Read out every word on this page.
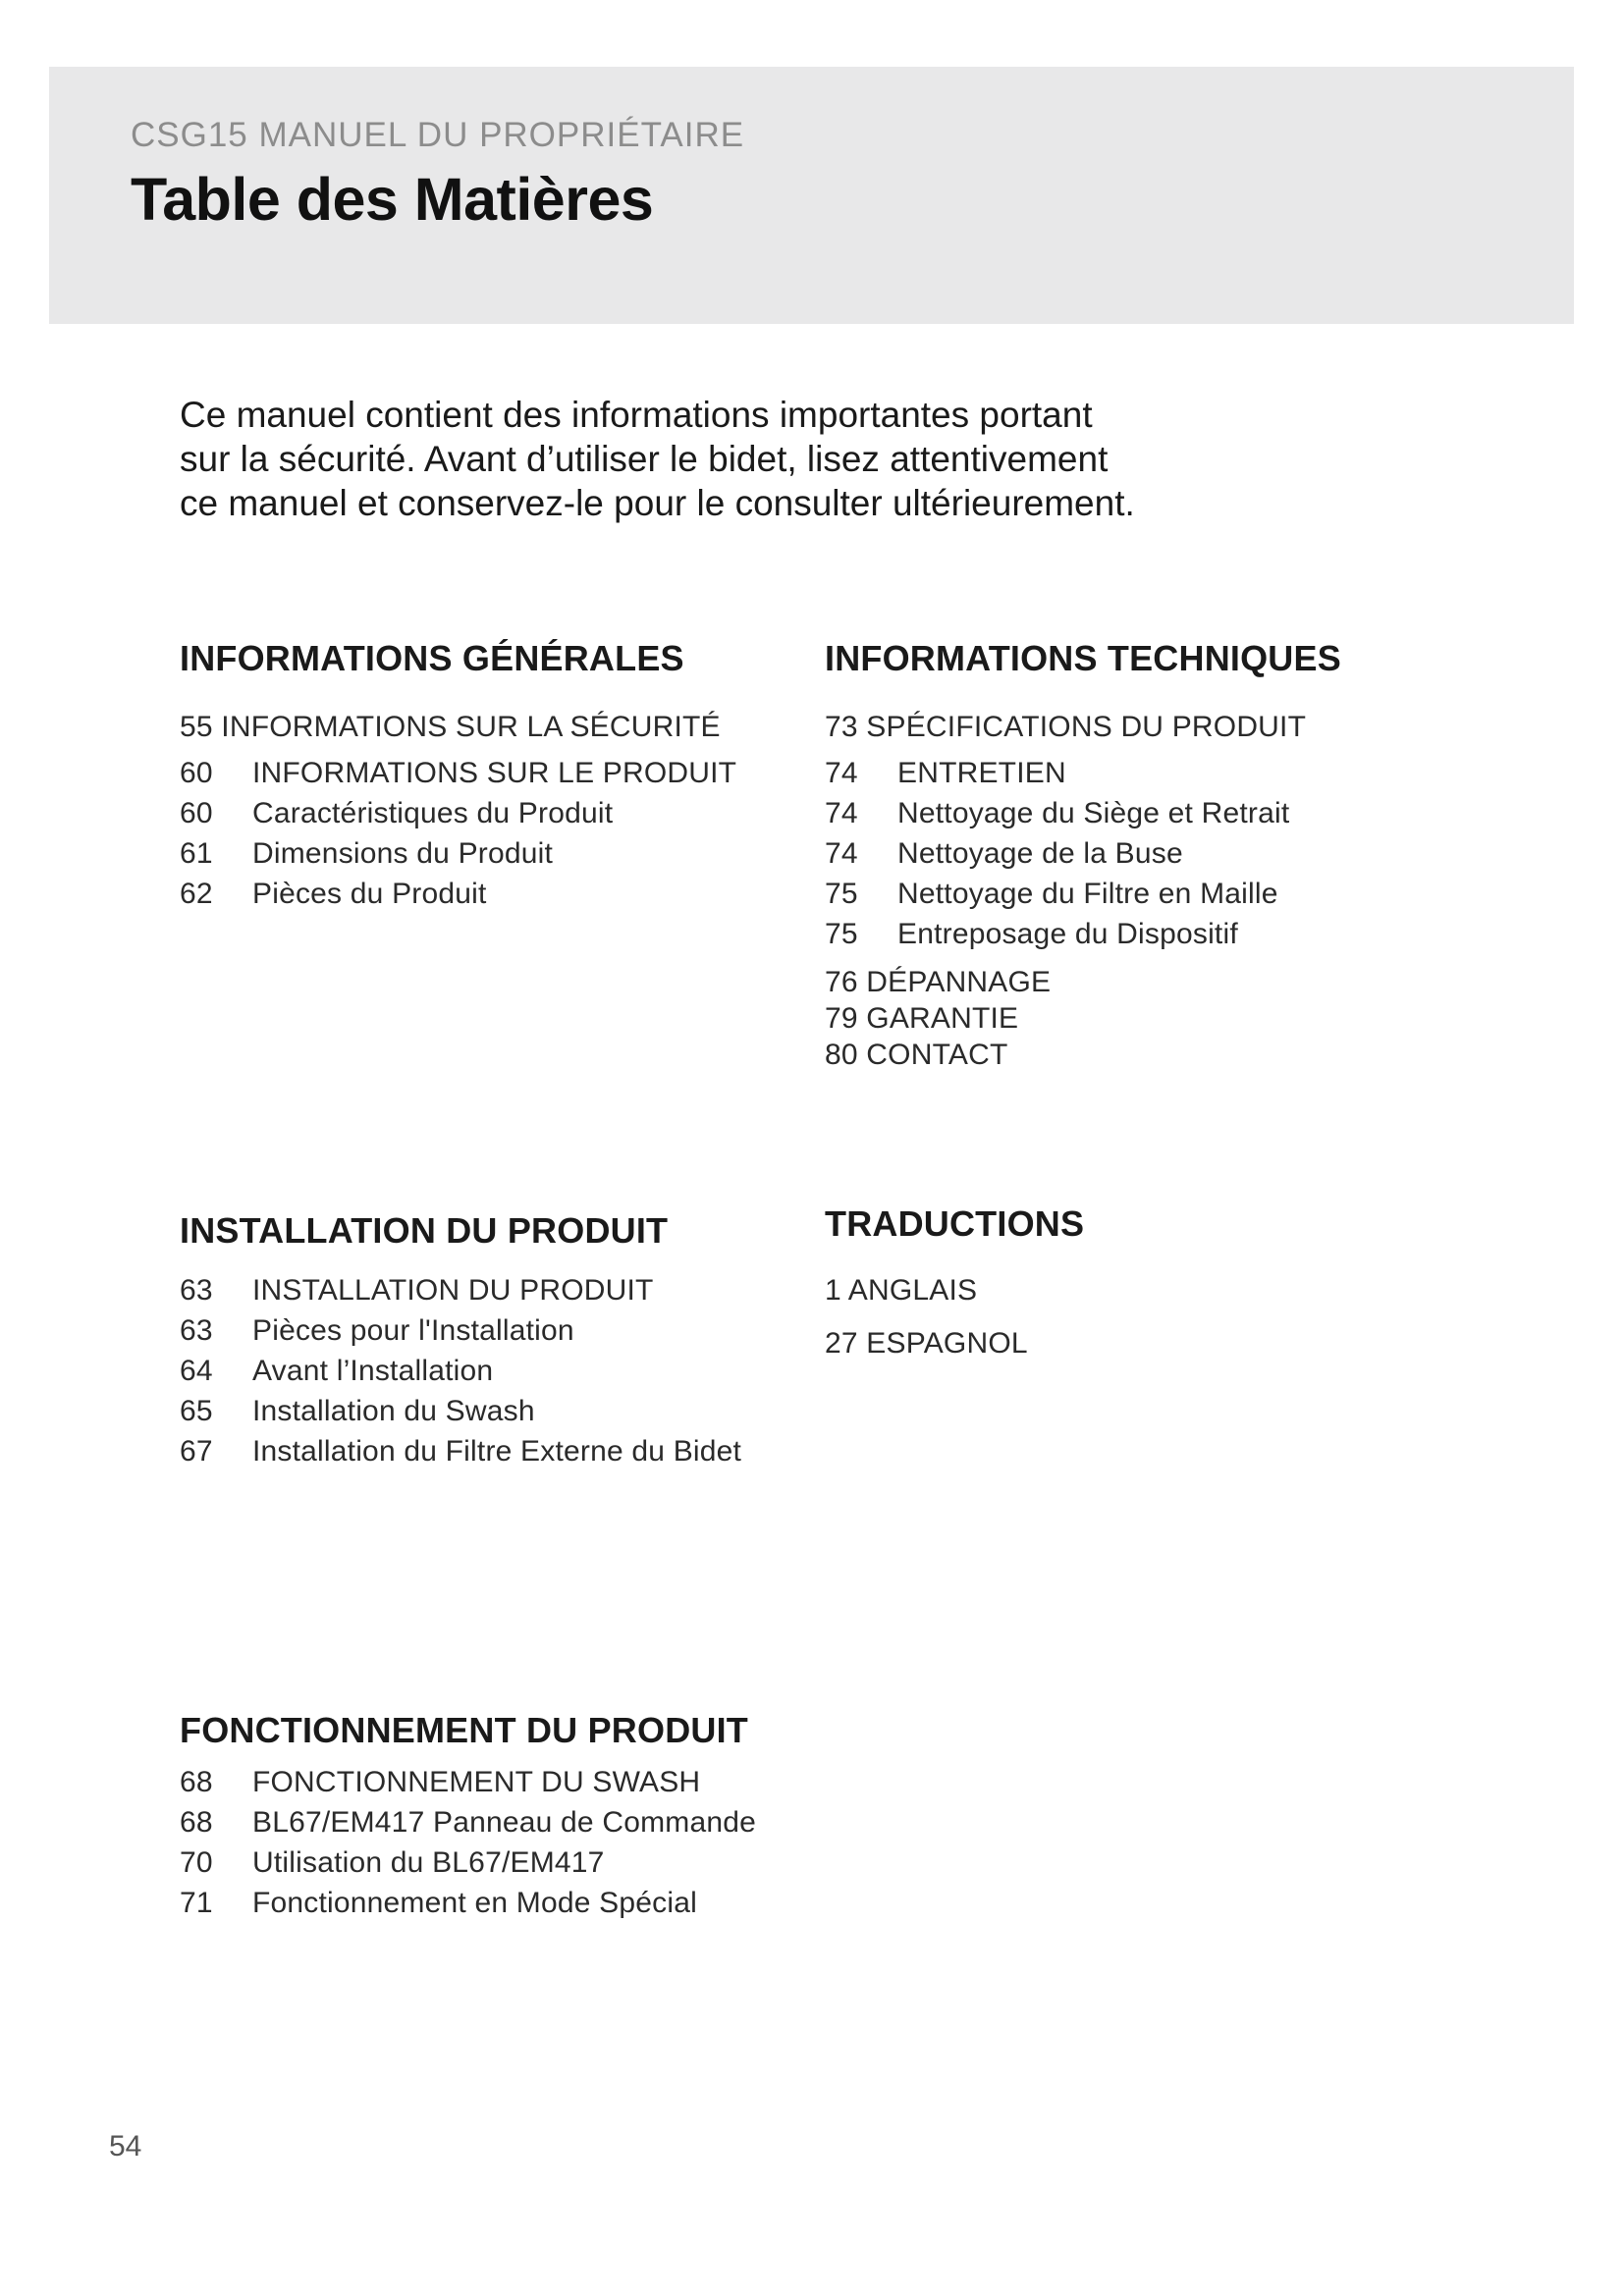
CSG15 MANUEL DU PROPRIÉTAIRE
Table des Matières
Ce manuel contient des informations importantes portant
sur la sécurité. Avant d’utiliser le bidet, lisez attentivement
ce manuel et conservez-le pour le consulter ultérieurement.
INFORMATIONS GÉNÉRALES
55 INFORMATIONS SUR LA SÉCURITÉ
60	INFORMATIONS SUR LE PRODUIT
60	Caractéristiques du Produit
61	Dimensions du Produit
62	Pièces du Produit
INFORMATIONS TECHNIQUES
73 SPÉCIFICATIONS DU PRODUIT
74	ENTRETIEN
74	Nettoyage du Siège et Retrait
74	Nettoyage de la Buse
75	Nettoyage du Filtre en Maille
75	Entreposage du Dispositif
76 DÉPANNAGE
79 GARANTIE
80 CONTACT
INSTALLATION DU PRODUIT
63	INSTALLATION DU PRODUIT
63	Pièces pour l'Installation
64	Avant l’Installation
65	Installation du Swash
67	Installation du Filtre Externe du Bidet
TRADUCTIONS
1 ANGLAIS
27 ESPAGNOL
FONCTIONNEMENT DU PRODUIT
68	FONCTIONNEMENT DU SWASH
68	BL67/EM417 Panneau de Commande
70	Utilisation du BL67/EM417
71	Fonctionnement en Mode Spécial
54
